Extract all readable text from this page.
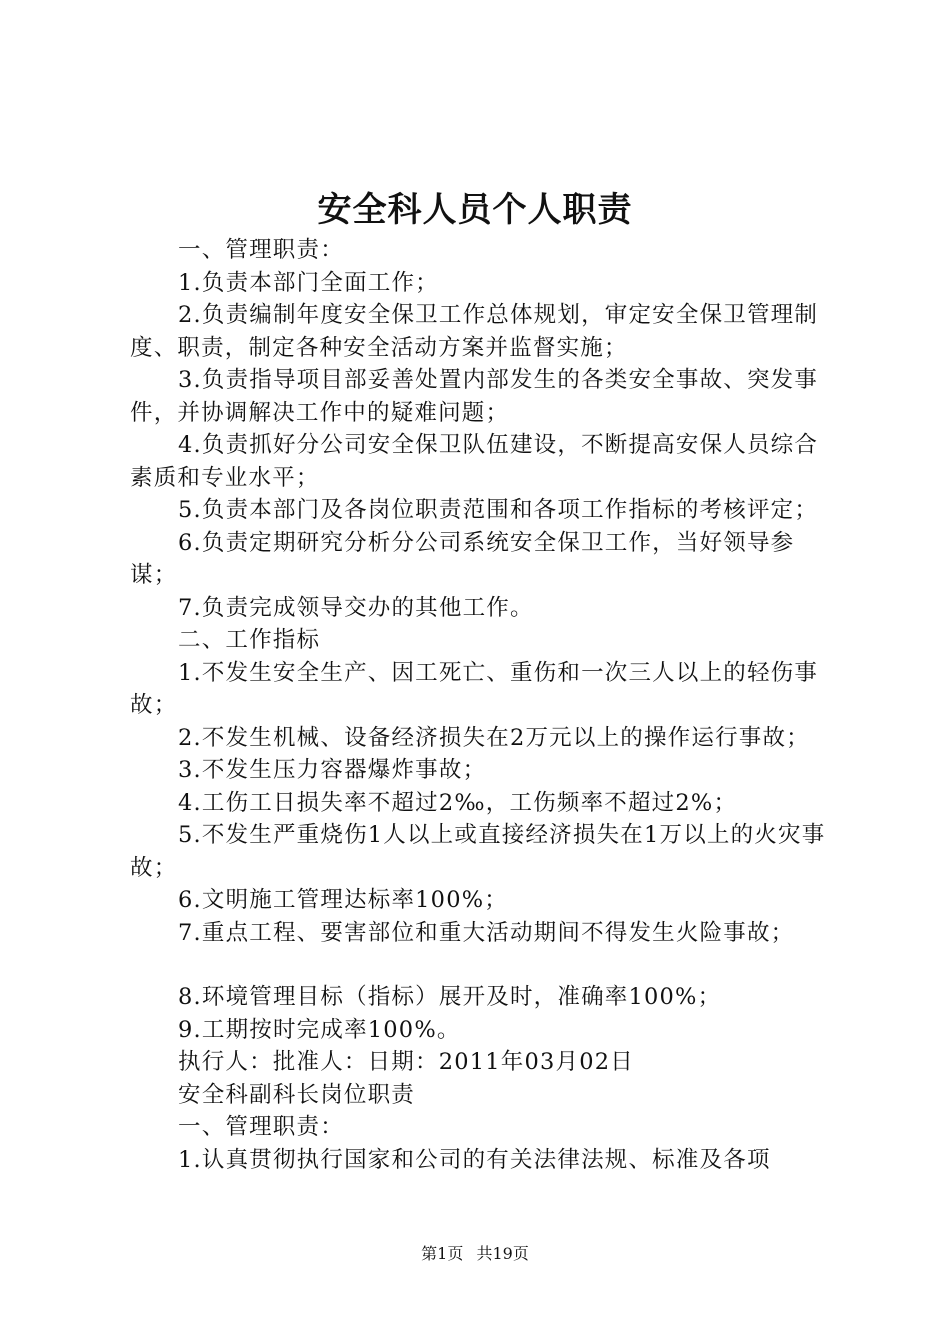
安全科人员个人职责

一、管理职责：

1.负责本部门全面工作；

2.负责编制年度安全保卫工作总体规划，审定安全保卫管理制度、职责，制定各种安全活动方案并监督实施；

3.负责指导项目部妥善处置内部发生的各类安全事故、突发事件，并协调解决工作中的疑难问题；

4.负责抓好分公司安全保卫队伍建设，不断提高安保人员综合素质和专业水平；

5.负责本部门及各岗位职责范围和各项工作指标的考核评定；

6.负责定期研究分析分公司系统安全保卫工作，当好领导参谋；

7.负责完成领导交办的其他工作。

二、工作指标

1.不发生安全生产、因工死亡、重伤和一次三人以上的轻伤事故；

2.不发生机械、设备经济损失在2万元以上的操作运行事故；

3.不发生压力容器爆炸事故；

4.工伤工日损失率不超过2‰，工伤频率不超过2%；

5.不发生严重烧伤1人以上或直接经济损失在1万以上的火灾事故；

6.文明施工管理达标率100%；

7.重点工程、要害部位和重大活动期间不得发生火险事故；

8.环境管理目标（指标）展开及时，准确率100%；

9.工期按时完成率100%。

执行人：批准人：日期：2011年03月02日

安全科副科长岗位职责

一、管理职责：

1.认真贯彻执行国家和公司的有关法律法规、标准及各项

第1页 共19页
